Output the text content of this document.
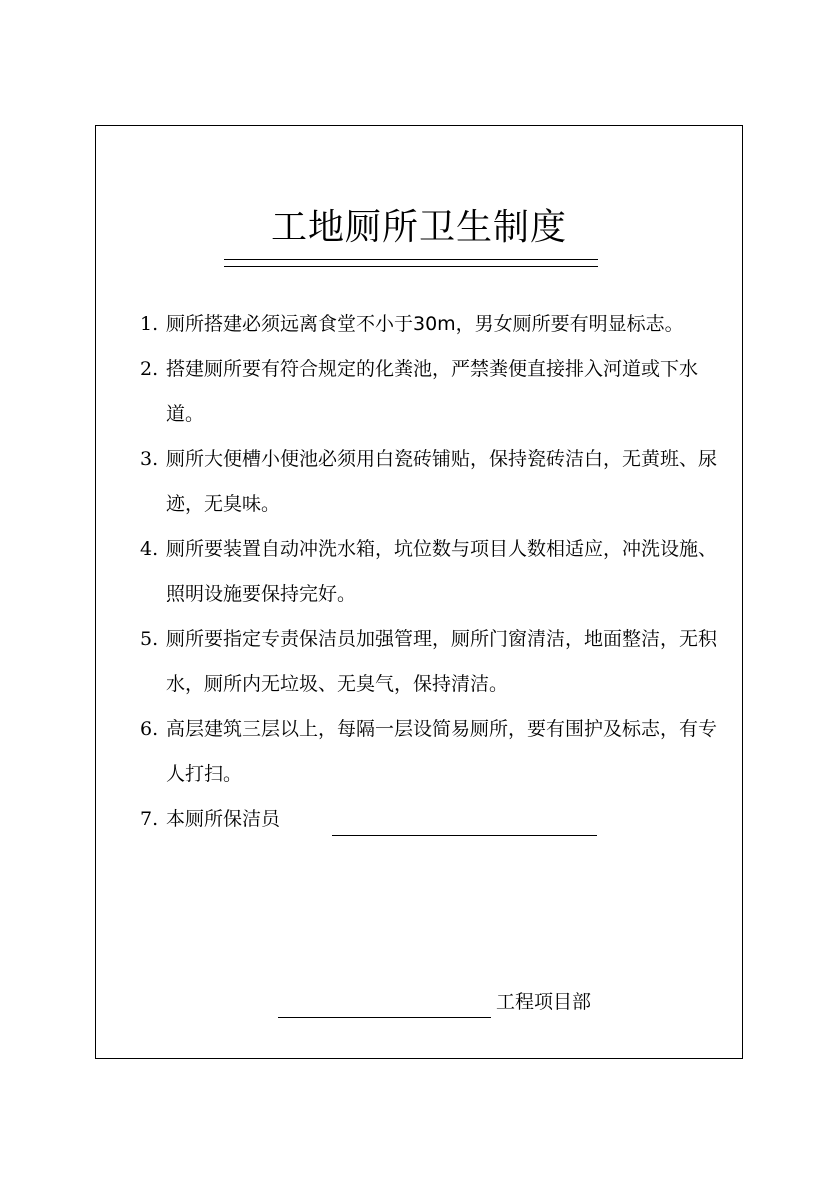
工地厕所卫生制度
1. 厕所搭建必须远离食堂不小于30m，男女厕所要有明显标志。
2. 搭建厕所要有符合规定的化粪池，严禁粪便直接排入河道或下水道。
3. 厕所大便槽小便池必须用白瓷砖铺贴，保持瓷砖洁白，无黄班、尿迹，无臭味。
4. 厕所要装置自动冲洗水箱，坑位数与项目人数相适应，冲洗设施、照明设施要保持完好。
5. 厕所要指定专责保洁员加强管理，厕所门窗清洁，地面整洁，无积水，厕所内无垃圾、无臭气，保持清洁。
6. 高层建筑三层以上，每隔一层设简易厕所，要有围护及标志，有专人打扫。
7. 本厕所保洁员
工程项目部
